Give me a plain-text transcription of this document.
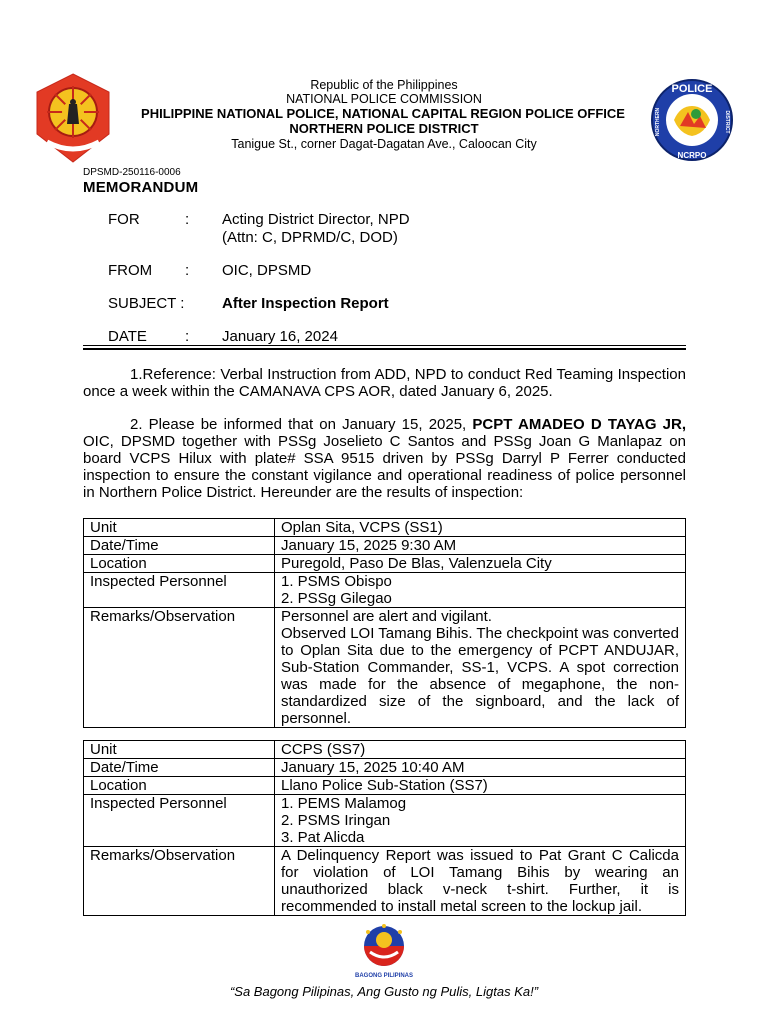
POLICE
NCRPO
NORTHERN	DISTRICT
Republic of the Philippines
NATIONAL POLICE COMMISSION
PHILIPPINE NATIONAL POLICE, NATIONAL CAPITAL REGION POLICE OFFICE
NORTHERN POLICE DISTRICT
Tanigue St., corner Dagat-Dagatan Ave., Caloocan City
DPSMD-250116-0006
MEMORANDUM
FOR	: Acting District Director, NPD
(Attn: C, DPRMD/C, DOD)
FROM : OIC, DPSMD
SUBJECT :	After Inspection Report
DATE	: January 16, 2024
1.Reference: Verbal Instruction from ADD, NPD to conduct Red Teaming Inspection once a week within the CAMANAVA CPS AOR, dated January 6, 2025.
2. Please be informed that on January 15, 2025, PCPT AMADEO D TAYAG JR, OIC, DPSMD together with PSSg Joselieto C Santos and PSSg Joan G Manlapaz on board VCPS Hilux with plate# SSA 9515 driven by PSSg Darryl P Ferrer conducted inspection to ensure the constant vigilance and operational readiness of police personnel in Northern Police District. Hereunder are the results of inspection:
Unit	Oplan Sita, VCPS (SS1)
Date/Time	January 15, 2025 9:30 AM
Location	Puregold, Paso De Blas, Valenzuela City
Inspected Personnel	1. PSMS Obispo
2. PSSg Gilegao

Remarks/Observation	Personnel are alert and vigilant.
Observed LOI Tamang Bihis. The checkpoint was converted to Oplan Sita due to the emergency of PCPT ANDUJAR, Sub-Station Commander, SS-1, VCPS. A spot correction was made for the absence of megaphone, the non-standardized size of the signboard, and the lack of personnel.
Unit	CCPS (SS7)
Date/Time	January 15, 2025 10:40 AM
Location	Llano Police Sub-Station (SS7)
Inspected Personnel	1. PEMS Malamog
2. PSMS Iringan
3. Pat Alicda

Remarks/Observation	A Delinquency Report was issued to Pat Grant C Calicda for violation of LOI Tamang Bihis by wearing an unauthorized black v-neck t-shirt. Further, it is recommended to install metal screen to the lockup jail.
BAGONG PILIPINAS
“Sa Bagong Pilipinas, Ang Gusto ng Pulis, Ligtas Ka!”
